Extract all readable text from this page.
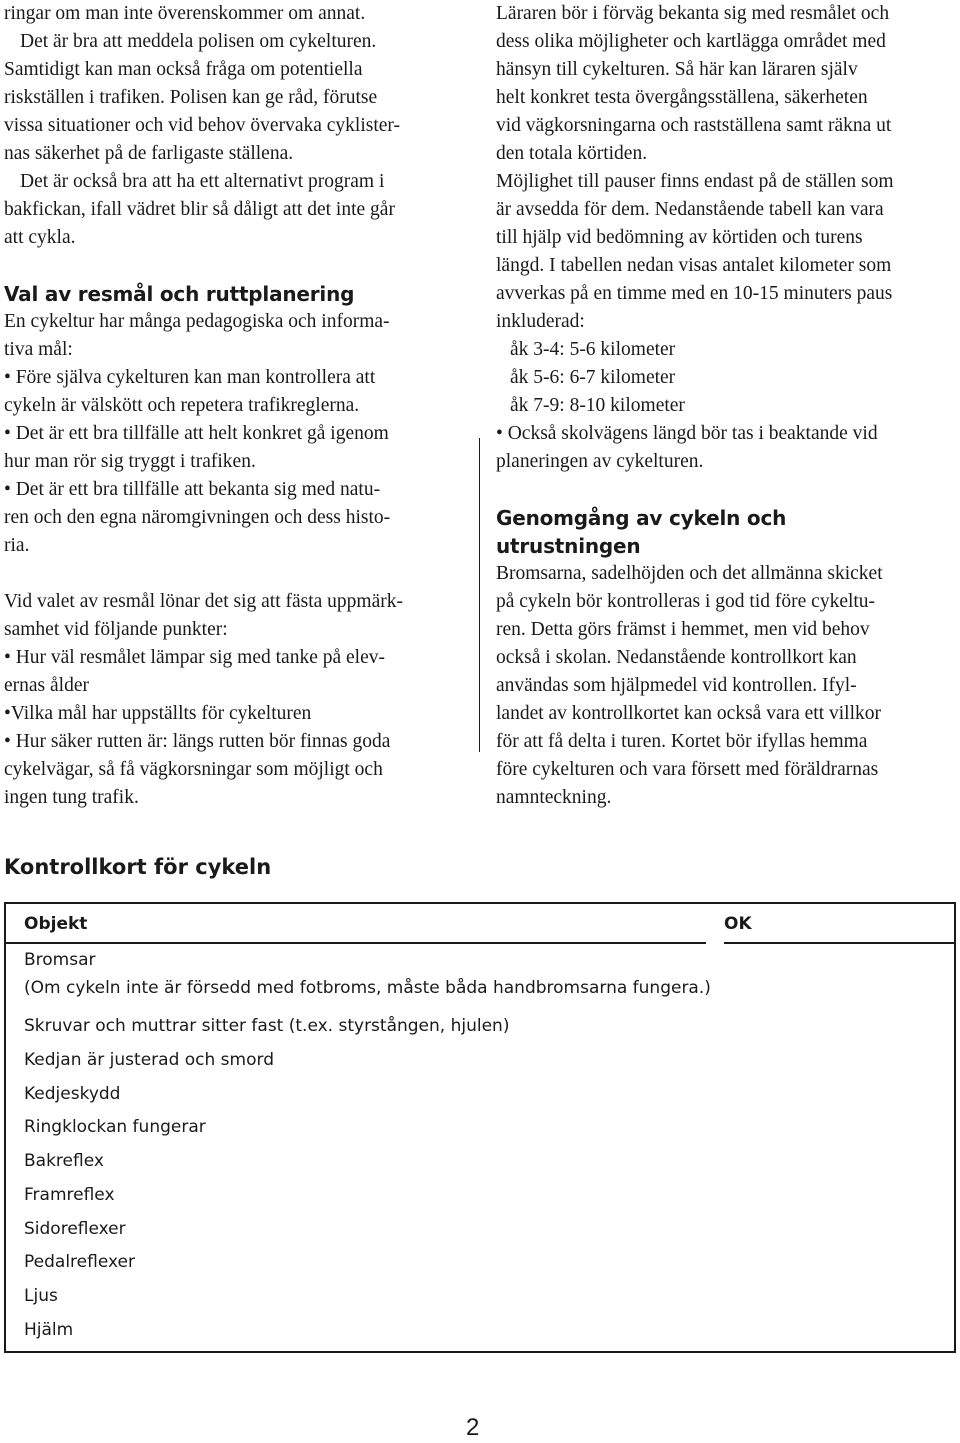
ringar om man inte överenskommer om annat.
Det är bra att meddela polisen om cykelturen.
Samtidigt kan man också fråga om potentiella
riskställen i trafiken. Polisen kan ge råd, förutse
vissa situationer och vid behov övervaka cyklister-
nas säkerhet på de farligaste ställena.
Det är också bra att ha ett alternativt program i
bakfickan, ifall vädret blir så dåligt att det inte går
att cykla.
Val av resmål och ruttplanering
En cykeltur har många pedagogiska och informa-
tiva mål:
• Före själva cykelturen kan man kontrollera att
cykeln är välskött och repetera trafikreglerna.
• Det är ett bra tillfälle att helt konkret gå igenom
hur man rör sig tryggt i trafiken.
• Det är ett bra tillfälle att bekanta sig med natu-
ren och den egna näromgivningen och dess histo-
ria.
Vid valet av resmål lönar det sig att fästa uppmärk-
samhet vid följande punkter:
• Hur väl resmålet lämpar sig med tanke på elev-
ernas ålder
•Vilka mål har uppställts för cykelturen
• Hur säker rutten är: längs rutten bör finnas goda
cykelvägar, så få vägkorsningar som möjligt och
ingen tung trafik.
Läraren bör i förväg bekanta sig med resmålet och
dess olika möjligheter och kartlägga området med
hänsyn till cykelturen. Så här kan läraren själv
helt konkret testa övergångsställena, säkerheten
vid vägkorsningarna och rastställena samt räkna ut
den totala körtiden.
Möjlighet till pauser finns endast på de ställen som
är avsedda för dem. Nedanstående tabell kan vara
till hjälp vid bedömning av körtiden och turens
längd. I tabellen nedan visas antalet kilometer som
avverkas på en timme med en 10-15 minuters paus
inkluderad:
åk 3-4: 5-6 kilometer
åk 5-6: 6-7 kilometer
åk 7-9: 8-10 kilometer
• Också skolvägens längd bör tas i beaktande vid
planeringen av cykelturen.
Genomgång av cykeln och
utrustningen
Bromsarna, sadelhöjden och det allmänna skicket
på cykeln bör kontrolleras i god tid före cykeltu-
ren. Detta görs främst i hemmet, men vid behov
också i skolan. Nedanstående kontrollkort kan
användas som hjälpmedel vid kontrollen. Ifyl-
landet av kontrollkortet kan också vara ett villkor
för att få delta i turen. Kortet bör ifyllas hemma
före cykelturen och vara försett med föräldrarnas
namnteckning.
Kontrollkort för cykeln
Objekt	OK
Bromsar
(Om cykeln inte är försedd med fotbroms, måste båda handbromsarna fungera.)
Skruvar och muttrar sitter fast (t.ex. styrstången, hjulen)
Kedjan är justerad och smord
Kedjeskydd
Ringklockan fungerar
Bakreflex
Framreflex
Sidoreflexer
Pedalreflexer
Ljus
Hjälm
2
